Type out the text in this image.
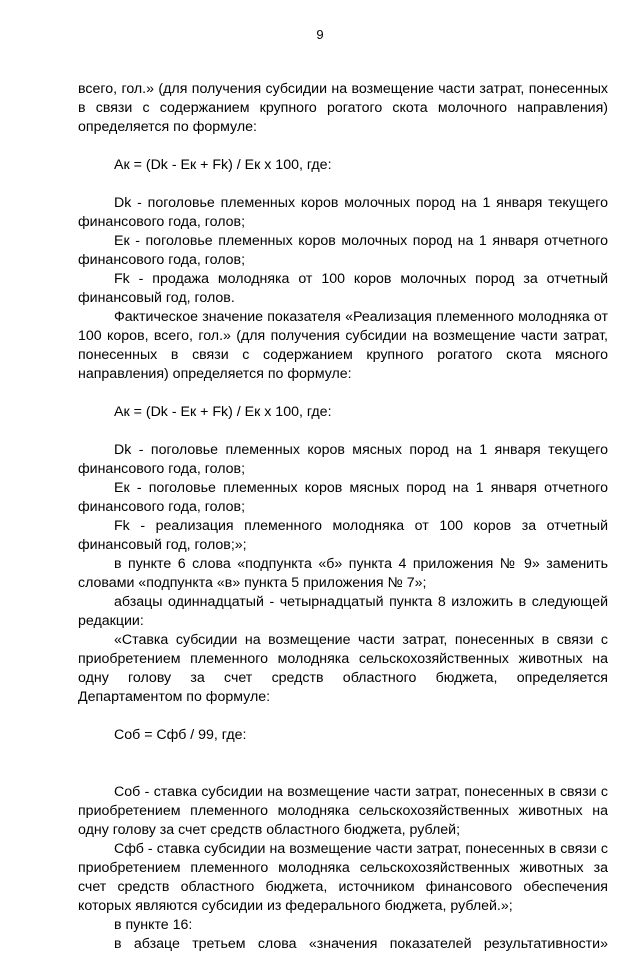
9

всего, гол.» (для получения субсидии на возмещение части затрат, понесенных в связи с содержанием крупного рогатого скота молочного направления) определяется по формуле:

Ак = (Dk - Ек + Fk) / Ек х 100, где:

Dk - поголовье племенных коров молочных пород на 1 января текущего финансового года, голов;

Ек - поголовье племенных коров молочных пород на 1 января отчетного финансового года, голов;

Fk - продажа молодняка от 100 коров молочных пород за отчетный финансовый год, голов.

Фактическое значение показателя «Реализация племенного молодняка от 100 коров, всего, гол.» (для получения субсидии на возмещение части затрат, понесенных в связи с содержанием крупного рогатого скота мясного направления) определяется по формуле:

Ак = (Dk - Ек + Fk) / Ек х 100, где:

Dk - поголовье племенных коров мясных пород на 1 января текущего финансового года, голов;

Ек - поголовье племенных коров мясных пород на 1 января отчетного финансового года, голов;

Fk - реализация племенного молодняка от 100 коров за отчетный финансовый год, голов;»;

в пункте 6 слова «подпункта «б» пункта 4 приложения № 9» заменить словами «подпункта «в» пункта 5 приложения № 7»;

абзацы одиннадцатый - четырнадцатый пункта 8 изложить в следующей редакции:

«Ставка субсидии на возмещение части затрат, понесенных в связи с приобретением племенного молодняка сельскохозяйственных животных на одну голову за счет средств областного бюджета, определяется Департаментом по формуле:

Соб = Сфб / 99, где:

Соб - ставка субсидии на возмещение части затрат, понесенных в связи с приобретением племенного молодняка сельскохозяйственных животных на одну голову за счет средств областного бюджета, рублей;

Сфб - ставка субсидии на возмещение части затрат, понесенных в связи с приобретением племенного молодняка сельскохозяйственных животных за счет средств областного бюджета, источником финансового обеспечения которых являются субсидии из федерального бюджета, рублей.»;

в пункте 16:

в абзаце третьем слова «значения показателей результативности»
